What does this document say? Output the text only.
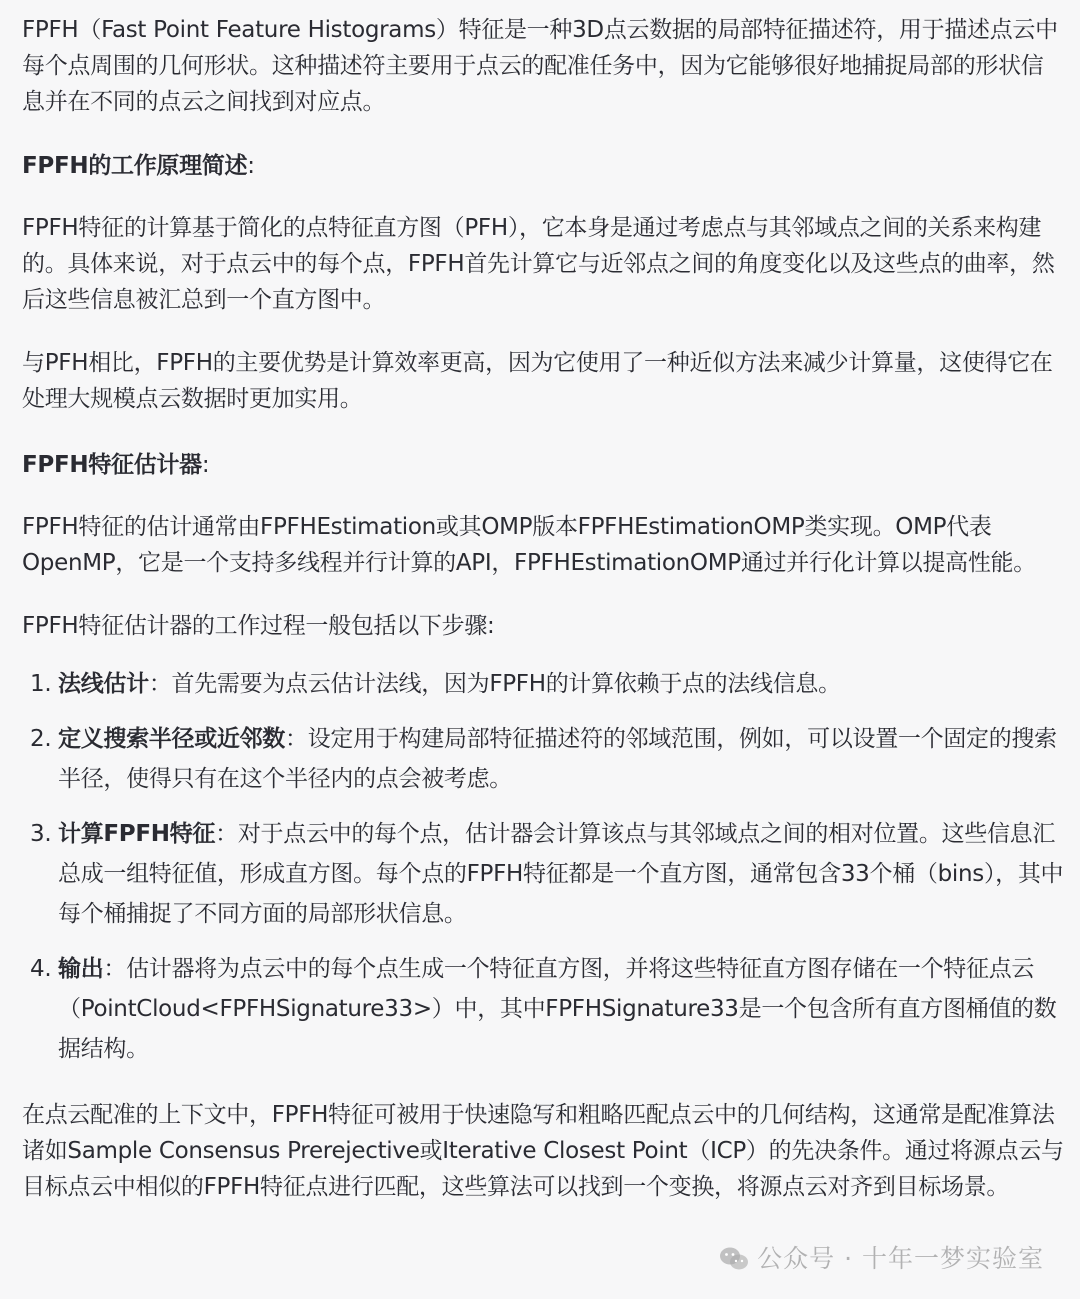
FPFH（Fast Point Feature Histograms）特征是一种3D点云数据的局部特征描述符，用于描述点云中每个点周围的几何形状。这种描述符主要用于点云的配准任务中，因为它能够很好地捕捉局部的形状信息并在不同的点云之间找到对应点。

FPFH的工作原理简述:

FPFH特征的计算基于简化的点特征直方图（PFH），它本身是通过考虑点与其邻域点之间的关系来构建的。具体来说，对于点云中的每个点，FPFH首先计算它与近邻点之间的角度变化以及这些点的曲率，然后这些信息被汇总到一个直方图中。

与PFH相比，FPFH的主要优势是计算效率更高，因为它使用了一种近似方法来减少计算量，这使得它在处理大规模点云数据时更加实用。

FPFH特征估计器:

FPFH特征的估计通常由FPFHEstimation或其OMP版本FPFHEstimationOMP类实现。OMP代表OpenMP，它是一个支持多线程并行计算的API，FPFHEstimationOMP通过并行化计算以提高性能。

FPFH特征估计器的工作过程一般包括以下步骤:

1. 法线估计：首先需要为点云估计法线，因为FPFH的计算依赖于点的法线信息。
2. 定义搜索半径或近邻数：设定用于构建局部特征描述符的邻域范围，例如，可以设置一个固定的搜索半径，使得只有在这个半径内的点会被考虑。
3. 计算FPFH特征：对于点云中的每个点，估计器会计算该点与其邻域点之间的相对位置。这些信息汇总成一组特征值，形成直方图。每个点的FPFH特征都是一个直方图，通常包含33个桶（bins），其中每个桶捕捉了不同方面的局部形状信息。
4. 输出：估计器将为点云中的每个点生成一个特征直方图，并将这些特征直方图存储在一个特征点云（PointCloud<FPFHSignature33>）中，其中FPFHSignature33是一个包含所有直方图桶值的数据结构。

在点云配准的上下文中，FPFH特征可被用于快速隐写和粗略匹配点云中的几何结构，这通常是配准算法诸如Sample Consensus Prerejective或Iterative Closest Point（ICP）的先决条件。通过将源点云与目标点云中相似的FPFH特征点进行匹配，这些算法可以找到一个变换，将源点云对齐到目标场景。

公众号 · 十年一梦实验室
